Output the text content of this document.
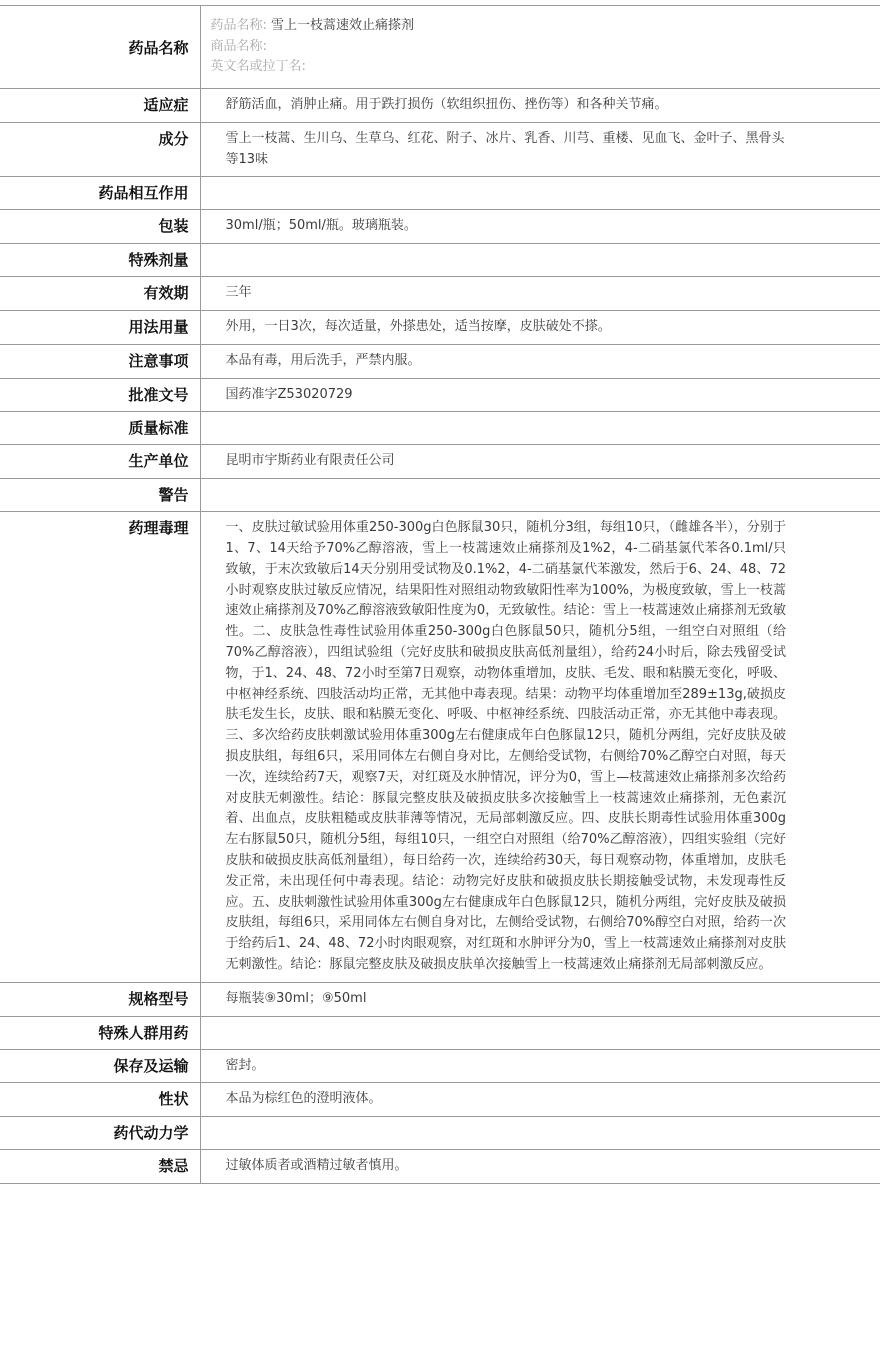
药品名称	药品名称: 雪上一枝蒿速效止痛搽剂
商品名称:
英文名或拉丁名:

适应症	舒筋活血，消肿止痛。用于跌打损伤（软组织扭伤、挫伤等）和各种关节痛。
成分	雪上一枝蒿、生川乌、生草乌、红花、附子、冰片、乳香、川芎、重楼、见血飞、金叶子、黑骨头等13味
药品相互作用	
包装	30ml/瓶；50ml/瓶。玻璃瓶装。
特殊剂量	
有效期	三年
用法用量	外用，一日3次，每次适量，外搽患处，适当按摩，皮肤破处不搽。
注意事项	本品有毒，用后洗手，严禁内服。
批准文号	国药准字Z53020729
质量标准	
生产单位	昆明市宇斯药业有限责任公司
警告	
药理毒理	一、皮肤过敏试验用体重250-300g白色豚鼠30只，随机分3组，每组10只，（雌雄各半），分别于1、7、14天给予70%乙醇溶液，雪上一枝蒿速效止痛搽剂及1%2，4-二硝基氯代苯各0.1ml/只致敏，于末次致敏后14天分别用受试物及0.1%2，4-二硝基氯代苯激发，然后于6、24、48、72小时观察皮肤过敏反应情况，结果阳性对照组动物致敏阳性率为100%，为极度致敏，雪上一枝蒿速效止痛搽剂及70%乙醇溶液致敏阳性度为0，无致敏性。结论：雪上一枝蒿速效止痛搽剂无致敏性。二、皮肤急性毒性试验用体重250-300g白色豚鼠50只，随机分5组，一组空白对照组（给70%乙醇溶液），四组试验组（完好皮肤和破损皮肤高低剂量组），给药24小时后，除去残留受试物，于1、24、48、72小时至第7日观察，动物体重增加，皮肤、毛发、眼和粘膜无变化，呼吸、中枢神经系统、四肢活动均正常，无其他中毒表现。结果：动物平均体重增加至289±13g,破损皮肤毛发生长，皮肤、眼和粘膜无变化、呼吸、中枢神经系统、四肢活动正常，亦无其他中毒表现。三、多次给药皮肤刺激试验用体重300g左右健康成年白色豚鼠12只，随机分两组，完好皮肤及破损皮肤组，每组6只，采用同体左右侧自身对比，左侧给受试物，右侧给70%乙醇空白对照，每天一次，连续给药7天，观察7天，对红斑及水肿情况，评分为0，雪上—枝蒿速效止痛搽剂多次给药对皮肤无刺激性。结论：豚鼠完整皮肤及破损皮肤多次接触雪上一枝蒿速效止痛搽剂，无色素沉着、出血点，皮肤粗糙或皮肤菲薄等情况，无局部刺激反应。四、皮肤长期毒性试验用体重300g左右豚鼠50只，随机分5组，每组10只，一组空白对照组（给70%乙醇溶液），四组实验组（完好皮肤和破损皮肤高低剂量组），每日给药一次，连续给药30天，每日观察动物，体重增加，皮肤毛发正常，未出现任何中毒表现。结论：动物完好皮肤和破损皮肤长期接触受试物，未发现毒性反应。五、皮肤刺激性试验用体重300g左右健康成年白色豚鼠12只，随机分两组，完好皮肤及破损皮肤组，每组6只，采用同体左右侧自身对比，左侧给受试物，右侧给70%醇空白对照，给药一次于给药后1、24、48、72小时肉眼观察，对红斑和水肿评分为0，雪上一枝蒿速效止痛搽剂对皮肤无刺激性。结论：豚鼠完整皮肤及破损皮肤单次接触雪上一枝蒿速效止痛搽剂无局部刺激反应。
规格型号	每瓶装⑨30ml；⑨50ml
特殊人群用药	
保存及运输	密封。
性状	本品为棕红色的澄明液体。
药代动力学	
禁忌	过敏体质者或酒精过敏者慎用。
